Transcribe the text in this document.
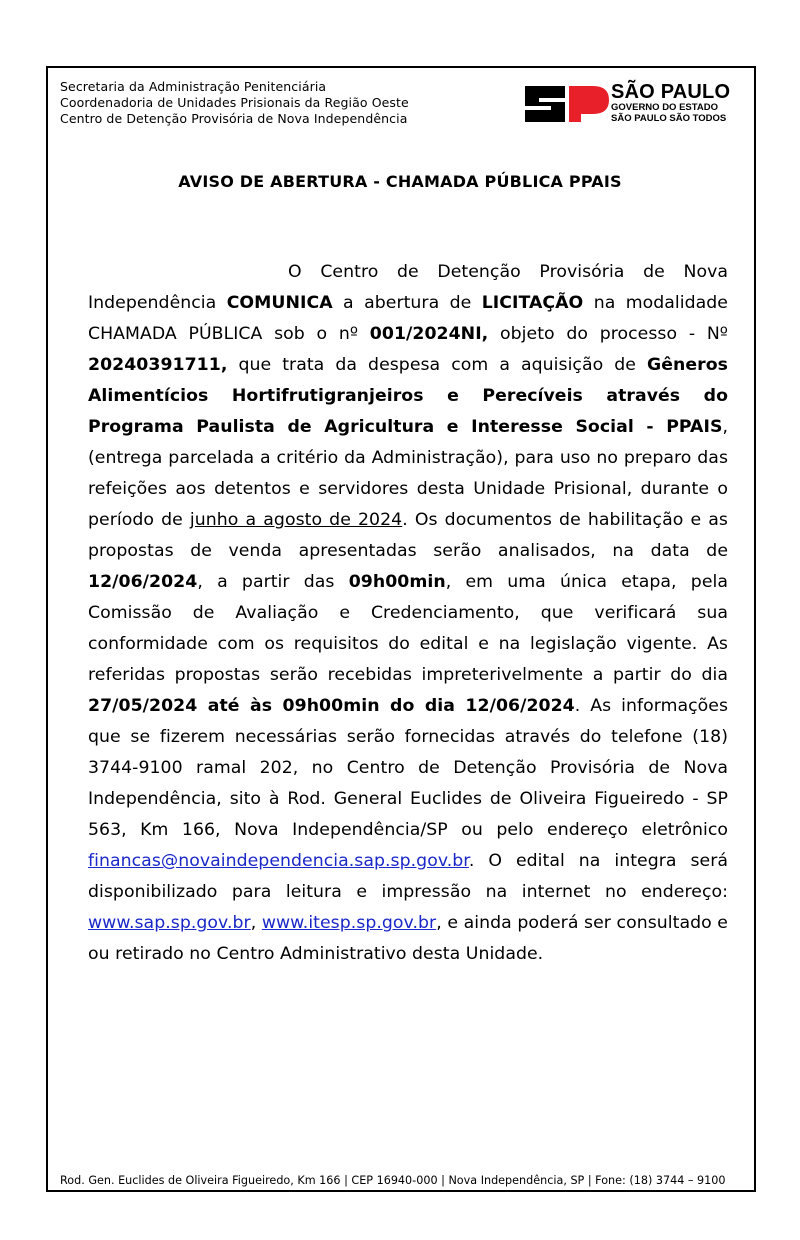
Secretaria da Administração Penitenciária
Coordenadoria de Unidades Prisionais da Região Oeste
Centro de Detenção Provisória de Nova Independência
SÃO PAULO
GOVERNO DO ESTADO
SÃO PAULO SÃO TODOS
AVISO DE ABERTURA - CHAMADA PÚBLICA PPAIS
O Centro de Detenção Provisória de Nova Independência COMUNICA a abertura de LICITAÇÃO na modalidade CHAMADA PÚBLICA sob o nº 001/2024NI, objeto do processo - Nº 20240391711, que trata da despesa com a aquisição de Gêneros Alimentícios Hortifrutigranjeiros e Perecíveis através do Programa Paulista de Agricultura e Interesse Social - PPAIS, (entrega parcelada a critério da Administração), para uso no preparo das refeições aos detentos e servidores desta Unidade Prisional, durante o período de junho a agosto de 2024. Os documentos de habilitação e as propostas de venda apresentadas serão analisados, na data de 12/06/2024, a partir das 09h00min, em uma única etapa, pela Comissão de Avaliação e Credenciamento, que verificará sua conformidade com os requisitos do edital e na legislação vigente. As referidas propostas serão recebidas impreterivelmente a partir do dia 27/05/2024 até às 09h00min do dia 12/06/2024. As informações que se fizerem necessárias serão fornecidas através do telefone (18) 3744-9100 ramal 202, no Centro de Detenção Provisória de Nova Independência, sito à Rod. General Euclides de Oliveira Figueiredo - SP 563, Km 166, Nova Independência/SP ou pelo endereço eletrônico financas@novaindependencia.sap.sp.gov.br. O edital na integra será disponibilizado para leitura e impressão na internet no endereço: www.sap.sp.gov.br, www.itesp.sp.gov.br, e ainda poderá ser consultado e ou retirado no Centro Administrativo desta Unidade.
Rod. Gen. Euclides de Oliveira Figueiredo, Km 166 | CEP 16940-000 | Nova Independência, SP | Fone: (18) 3744 – 9100
